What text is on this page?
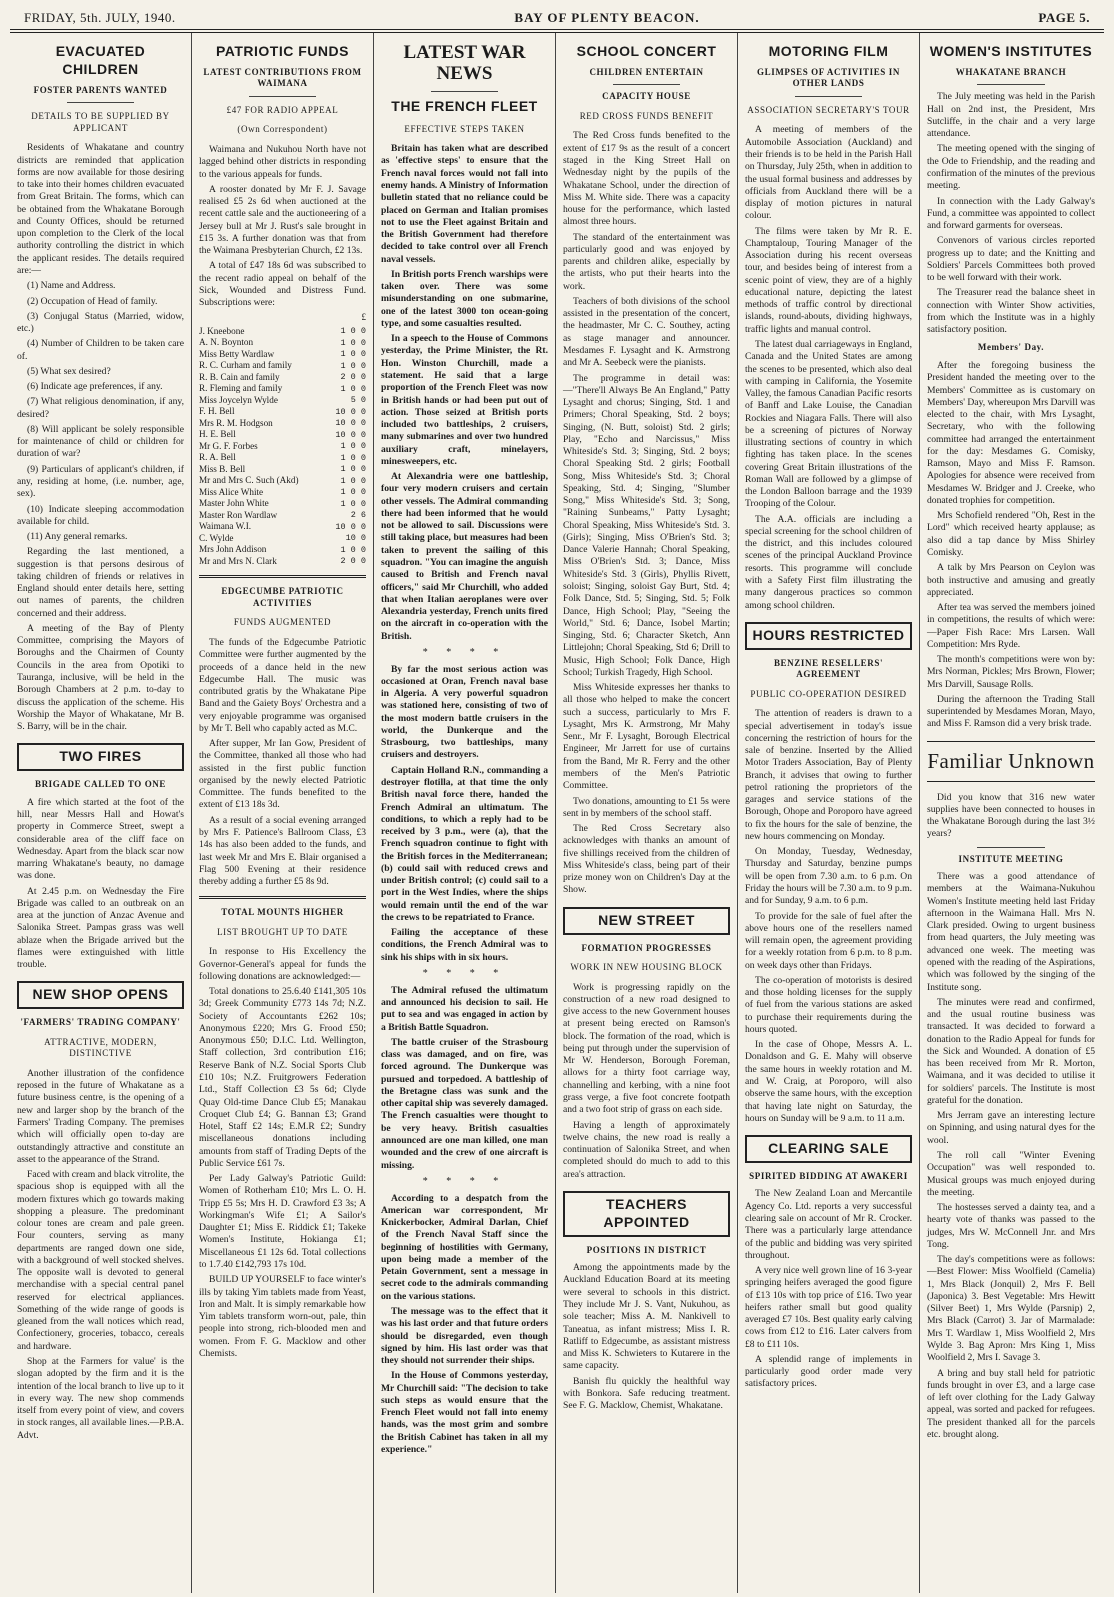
FRIDAY, 5th. JULY, 1940.	BAY OF PLENTY BEACON.	PAGE 5.
EVACUATED CHILDREN
FOSTER PARENTS WANTED
DETAILS TO BE SUPPLIED BY APPLICANT

Residents of Whakatane and country districts are reminded that application forms are now available for those desiring to take into their homes children evacuated from Great Britain. The forms, which can be obtained from the Whakatane Borough and County Offices, should be returned upon completion to the Clerk of the local authority controlling the district in which the applicant resides. The details required are:—

(1) Name and Address.

(2) Occupation of Head of family.

(3) Conjugal Status (Married, widow, etc.)

(4) Number of Children to be taken care of.

(5) What sex desired?

(6) Indicate age preferences, if any.

(7) What religious denomination, if any, desired?

(8) Will applicant be solely responsible for maintenance of child or children for duration of war?

(9) Particulars of applicant's children, if any, residing at home, (i.e. number, age, sex).

(10) Indicate sleeping accommodation available for child.

(11) Any general remarks.

Regarding the last mentioned, a suggestion is that persons desirous of taking children of friends or relatives in England should enter details here, setting out names of parents, the children concerned and their address.

A meeting of the Bay of Plenty Committee, comprising the Mayors of Boroughs and the Chairmen of County Councils in the area from Opotiki to Tauranga, inclusive, will be held in the Borough Chambers at 2 p.m. to-day to discuss the application of the scheme. His Worship the Mayor of Whakatane, Mr B. S. Barry, will be in the chair.

TWO FIRES
BRIGADE CALLED TO ONE

A fire which started at the foot of the hill, near Messrs Hall and Howat's property in Commerce Street, swept a considerable area of the cliff face on Wednesday. Apart from the black scar now marring Whakatane's beauty, no damage was done.

At 2.45 p.m. on Wednesday the Fire Brigade was called to an outbreak on an area at the junction of Anzac Avenue and Salonika Street. Pampas grass was well ablaze when the Brigade arrived but the flames were extinguished with little trouble.

NEW SHOP OPENS
'FARMERS' TRADING COMPANY'
ATTRACTIVE, MODERN, DISTINCTIVE

Another illustration of the confidence reposed in the future of Whakatane as a future business centre, is the opening of a new and larger shop by the branch of the Farmers' Trading Company. The premises which will officially open to-day are outstandingly attractive and constitute an asset to the appearance of the Strand.

Faced with cream and black vitrolite, the spacious shop is equipped with all the modern fixtures which go towards making shopping a pleasure. The predominant colour tones are cream and pale green. Four counters, serving as many departments are ranged down one side, with a background of well stocked shelves. The opposite wall is devoted to general merchandise with a special central panel reserved for electrical appliances. Something of the wide range of goods is gleaned from the wall notices which read, Confectionery, groceries, tobacco, cereals and hardware.

Shop at the Farmers for value' is the slogan adopted by the firm and it is the intention of the local branch to live up to it in every way. The new shop commends itself from every point of view, and covers in stock ranges, all available lines.—P.B.A. Advt.

PATRIOTIC FUNDS
LATEST CONTRIBUTIONS FROM WAIMANA
£47 FOR RADIO APPEAL
(Own Correspondent)

Waimana and Nukuhou North have not lagged behind other districts in responding to the various appeals for funds.

A rooster donated by Mr F. J. Savage realised £5 2s 6d when auctioned at the recent cattle sale and the auctioneering of a Jersey bull at Mr J. Rust's sale brought in £15 3s. A further donation was that from the Waimana Presbyterian Church, £2 13s.

A total of £47 18s 6d was subscribed to the recent radio appeal on behalf of the Sick, Wounded and Distress Fund. Subscriptions were:

£
J. Kneebone	1 0 0
A. N. Boynton	1 0 0
Miss Betty Wardlaw	1 0 0
R. C. Curham and family	1 0 0
R. B. Cain and family	2 0 0
R. Fleming and family	1 0 0
Miss Joycelyn Wylde	5 0
F. H. Bell	10 0 0
Mrs R. M. Hodgson	10 0 0
H. E. Bell	10 0 0
Mr G. F. Forbes	1 0 0
R. A. Bell	1 0 0
Miss B. Bell	1 0 0
Mr and Mrs C. Such (Akd)	1 0 0
Miss Alice White	1 0 0
Master John White	1 0 0
Master Ron Wardlaw	2 6
Waimana W.I.	10 0 0
C. Wylde	10 0
Mrs John Addison	1 0 0
Mr and Mrs N. Clark	2 0 0
EDGECUMBE PATRIOTIC ACTIVITIES
FUNDS AUGMENTED

The funds of the Edgecumbe Patriotic Committee were further augmented by the proceeds of a dance held in the new Edgecumbe Hall. The music was contributed gratis by the Whakatane Pipe Band and the Gaiety Boys' Orchestra and a very enjoyable programme was organised by Mr T. Bell who capably acted as M.C.

After supper, Mr Ian Gow, President of the Committee, thanked all those who had assisted in the first public function organised by the newly elected Patriotic Committee. The funds benefited to the extent of £13 18s 3d.

As a result of a social evening arranged by Mrs F. Patience's Ballroom Class, £3 14s has also been added to the funds, and last week Mr and Mrs E. Blair organised a Flag 500 Evening at their residence thereby adding a further £5 8s 9d.

TOTAL MOUNTS HIGHER
LIST BROUGHT UP TO DATE

In response to His Excellency the Governor-General's appeal for funds the following donations are acknowledged:—

Total donations to 25.6.40 £141,305 10s 3d; Greek Community £773 14s 7d; N.Z. Society of Accountants £262 10s; Anonymous £220; Mrs G. Frood £50; Anonymous £50; D.I.C. Ltd. Wellington, Staff collection, 3rd contribution £16; Reserve Bank of N.Z. Social Sports Club £10 10s; N.Z. Fruitgrowers Federation Ltd., Staff Collection £3 5s 6d; Clyde Quay Old-time Dance Club £5; Manakau Croquet Club £4; G. Bannan £3; Grand Hotel, Staff £2 14s; E.M.R £2; Sundry miscellaneous donations including amounts from staff of Trading Depts of the Public Service £61 7s.

Per Lady Galway's Patriotic Guild: Women of Rotherham £10; Mrs L. O. H. Tripp £5 5s; Mrs H. D. Crawford £3 3s; A Workingman's Wife £1; A Sailor's Daughter £1; Miss E. Riddick £1; Takeke Women's Institute, Hokianga £1; Miscellaneous £1 12s 6d. Total collections to 1.7.40 £142,793 17s 10d.

BUILD UP YOURSELF to face winter's ills by taking Yim tablets made from Yeast, Iron and Malt. It is simply remarkable how Yim tablets transform worn-out, pale, thin people into strong, rich-blooded men and women. From F. G. Macklow and other Chemists.

LATEST WAR NEWS
THE FRENCH FLEET
EFFECTIVE STEPS TAKEN

Britain has taken what are described as 'effective steps' to ensure that the French naval forces would not fall into enemy hands. A Ministry of Information bulletin stated that no reliance could be placed on German and Italian promises not to use the Fleet against Britain and the British Government had therefore decided to take control over all French naval vessels.

In British ports French warships were taken over. There was some misunderstanding on one submarine, one of the latest 3000 ton ocean-going type, and some casualties resulted.

In a speech to the House of Commons yesterday, the Prime Minister, the Rt. Hon. Winston Churchill, made a statement. He said that a large proportion of the French Fleet was now in British hands or had been put out of action. Those seized at British ports included two battleships, 2 cruisers, many submarines and over two hundred auxiliary craft, minelayers, minesweepers, etc.

At Alexandria were one battleship, four very modern cruisers and certain other vessels. The Admiral commanding there had been informed that he would not be allowed to sail. Discussions were still taking place, but measures had been taken to prevent the sailing of this squadron. "You can imagine the anguish caused to British and French naval officers," said Mr Churchill, who added that when Italian aeroplanes were over Alexandria yesterday, French units fired on the aircraft in co-operation with the British.

* * * *

By far the most serious action was occasioned at Oran, French naval base in Algeria. A very powerful squadron was stationed here, consisting of two of the most modern battle cruisers in the world, the Dunkerque and the Strasbourg, two battleships, many cruisers and destroyers.

Captain Holland R.N., commanding a destroyer flotilla, at that time the only British naval force there, handed the French Admiral an ultimatum. The conditions, to which a reply had to be received by 3 p.m., were (a), that the French squadron continue to fight with the British forces in the Mediterranean; (b) could sail with reduced crews and under British control; (c) could sail to a port in the West Indies, where the ships would remain until the end of the war the crews to be repatriated to France.

Failing the acceptance of these conditions, the French Admiral was to sink his ships with in six hours.

* * * *

The Admiral refused the ultimatum and announced his decision to sail. He put to sea and was engaged in action by a British Battle Squadron.

The battle cruiser of the Strasbourg class was damaged, and on fire, was forced aground. The Dunkerque was pursued and torpedoed. A battleship of the Bretagne class was sunk and the other capital ship was severely damaged. The French casualties were thought to be very heavy. British casualties announced are one man killed, one man wounded and the crew of one aircraft is missing.

* * * *

According to a despatch from the American war correspondent, Mr Knickerbocker, Admiral Darlan, Chief of the French Naval Staff since the beginning of hostilities with Germany, upon being made a member of the Petain Government, sent a message in secret code to the admirals commanding on the various stations.

The message was to the effect that it was his last order and that future orders should be disregarded, even though signed by him. His last order was that they should not surrender their ships.

In the House of Commons yesterday, Mr Churchill said: "The decision to take such steps as would ensure that the French Fleet would not fall into enemy hands, was the most grim and sombre the British Cabinet has taken in all my experience."

SCHOOL CONCERT
CHILDREN ENTERTAIN
CAPACITY HOUSE
RED CROSS FUNDS BENEFIT

The Red Cross funds benefited to the extent of £17 9s as the result of a concert staged in the King Street Hall on Wednesday night by the pupils of the Whakatane School, under the direction of Miss M. White side. There was a capacity house for the performance, which lasted almost three hours.

The standard of the entertainment was particularly good and was enjoyed by parents and children alike, especially by the artists, who put their hearts into the work.

Teachers of both divisions of the school assisted in the presentation of the concert, the headmaster, Mr C. C. Southey, acting as stage manager and announcer. Mesdames F. Lysaght and K. Armstrong and Mr A. Seebeck were the pianists.

The programme in detail was:—"There'll Always Be An England," Patty Lysaght and chorus; Singing, Std. 1 and Primers; Choral Speaking, Std. 2 boys; Singing, (N. Butt, soloist) Std. 2 girls; Play, "Echo and Narcissus," Miss Whiteside's Std. 3; Singing, Std. 2 boys; Choral Speaking Std. 2 girls; Football Song, Miss Whiteside's Std. 3; Choral Speaking, Std. 4; Singing, "Slumber Song," Miss Whiteside's Std. 3; Song, "Raining Sunbeams," Patty Lysaght; Choral Speaking, Miss Whiteside's Std. 3. (Girls); Singing, Miss O'Brien's Std. 3; Dance Valerie Hannah; Choral Speaking, Miss O'Brien's Std. 3; Dance, Miss Whiteside's Std. 3 (Girls), Phyllis Rivett, soloist; Singing, soloist Gay Burt, Std. 4; Folk Dance, Std. 5; Singing, Std. 5; Folk Dance, High School; Play, "Seeing the World," Std. 6; Dance, Isobel Martin; Singing, Std. 6; Character Sketch, Ann Littlejohn; Choral Speaking, Std 6; Drill to Music, High School; Folk Dance, High School; Turkish Tragedy, High School.

Miss Whiteside expresses her thanks to all those who helped to make the concert such a success, particularly to Mrs F. Lysaght, Mrs K. Armstrong, Mr Mahy Senr., Mr F. Lysaght, Borough Electrical Engineer, Mr Jarrett for use of curtains from the Band, Mr R. Ferry and the other members of the Men's Patriotic Committee.

Two donations, amounting to £1 5s were sent in by members of the school staff.

The Red Cross Secretary also acknowledges with thanks an amount of five shillings received from the children of Miss Whiteside's class, being part of their prize money won on Children's Day at the Show.

NEW STREET
FORMATION PROGRESSES
WORK IN NEW HOUSING BLOCK

Work is progressing rapidly on the construction of a new road designed to give access to the new Government houses at present being erected on Ramson's block. The formation of the road, which is being put through under the supervision of Mr W. Henderson, Borough Foreman, allows for a thirty foot carriage way, channelling and kerbing, with a nine foot grass verge, a five foot concrete footpath and a two foot strip of grass on each side.

Having a length of approximately twelve chains, the new road is really a continuation of Salonika Street, and when completed should do much to add to this area's attraction.

TEACHERS APPOINTED
POSITIONS IN DISTRICT

Among the appointments made by the Auckland Education Board at its meeting were several to schools in this district. They include Mr J. S. Vant, Nukuhou, as sole teacher; Miss A. M. Nankivell to Taneatua, as infant mistress; Miss I. R. Ratliff to Edgecumbe, as assistant mistress and Miss K. Schwieters to Kutarere in the same capacity.

Banish flu quickly the healthful way with Bonkora. Safe reducing treatment. See F. G. Macklow, Chemist, Whakatane.

MOTORING FILM
GLIMPSES OF ACTIVITIES IN OTHER LANDS
ASSOCIATION SECRETARY'S TOUR

A meeting of members of the Automobile Association (Auckland) and their friends is to be held in the Parish Hall on Thursday, July 25th, when in addition to the usual formal business and addresses by officials from Auckland there will be a display of motion pictures in natural colour.

The films were taken by Mr R. E. Champtaloup, Touring Manager of the Association during his recent overseas tour, and besides being of interest from a scenic point of view, they are of a highly educational nature, depicting the latest methods of traffic control by directional islands, round-abouts, dividing highways, traffic lights and manual control.

The latest dual carriageways in England, Canada and the United States are among the scenes to be presented, which also deal with camping in California, the Yosemite Valley, the famous Canadian Pacific resorts of Banff and Lake Louise, the Canadian Rockies and Niagara Falls. There will also be a screening of pictures of Norway illustrating sections of country in which fighting has taken place. In the scenes covering Great Britain illustrations of the Roman Wall are followed by a glimpse of the London Balloon barrage and the 1939 Trooping of the Colour.

The A.A. officials are including a special screening for the school children of the district, and this includes coloured scenes of the principal Auckland Province resorts. This programme will conclude with a Safety First film illustrating the many dangerous practices so common among school children.

HOURS RESTRICTED
BENZINE RESELLERS' AGREEMENT
PUBLIC CO-OPERATION DESIRED

The attention of readers is drawn to a special advertisement in today's issue concerning the restriction of hours for the sale of benzine. Inserted by the Allied Motor Traders Association, Bay of Plenty Branch, it advises that owing to further petrol rationing the proprietors of the garages and service stations of the Borough, Ohope and Poroporo have agreed to fix the hours for the sale of benzine, the new hours commencing on Monday.

On Monday, Tuesday, Wednesday, Thursday and Saturday, benzine pumps will be open from 7.30 a.m. to 6 p.m. On Friday the hours will be 7.30 a.m. to 9 p.m. and for Sunday, 9 a.m. to 6 p.m.

To provide for the sale of fuel after the above hours one of the resellers named will remain open, the agreement providing for a weekly rotation from 6 p.m. to 8 p.m. on week days other than Fridays.

The co-operation of motorists is desired and those holding licenses for the supply of fuel from the various stations are asked to purchase their requirements during the hours quoted.

In the case of Ohope, Messrs A. L. Donaldson and G. E. Mahy will observe the same hours in weekly rotation and M. and W. Craig, at Poroporo, will also observe the same hours, with the exception that having late night on Saturday, the hours on Sunday will be 9 a.m. to 11 a.m.

CLEARING SALE
SPIRITED BIDDING AT AWAKERI

The New Zealand Loan and Mercantile Agency Co. Ltd. reports a very successful clearing sale on account of Mr R. Crocker. There was a particularly large attendance of the public and bidding was very spirited throughout.

A very nice well grown line of 16 3-year springing heifers averaged the good figure of £13 10s with top price of £16. Two year heifers rather small but good quality averaged £7 10s. Best quality early calving cows from £12 to £16. Later calvers from £8 to £11 10s.

A splendid range of implements in particularly good order made very satisfactory prices.

WOMEN'S INSTITUTES
WHAKATANE BRANCH

The July meeting was held in the Parish Hall on 2nd inst, the President, Mrs Sutcliffe, in the chair and a very large attendance.

The meeting opened with the singing of the Ode to Friendship, and the reading and confirmation of the minutes of the previous meeting.

In connection with the Lady Galway's Fund, a committee was appointed to collect and forward garments for overseas.

Convenors of various circles reported progress up to date; and the Knitting and Soldiers' Parcels Committees both proved to be well forward with their work.

The Treasurer read the balance sheet in connection with Winter Show activities, from which the Institute was in a highly satisfactory position.

Members' Day.

After the foregoing business the President handed the meeting over to the Members' Committee as is customary on Members' Day, whereupon Mrs Darvill was elected to the chair, with Mrs Lysaght, Secretary, who with the following committee had arranged the entertainment for the day: Mesdames G. Comisky, Ramson, Mayo and Miss F. Ramson. Apologies for absence were received from Mesdames W. Bridger and J. Creeke, who donated trophies for competition.

Mrs Schofield rendered "Oh, Rest in the Lord" which received hearty applause; as also did a tap dance by Miss Shirley Comisky.

A talk by Mrs Pearson on Ceylon was both instructive and amusing and greatly appreciated.

After tea was served the members joined in competitions, the results of which were:—Paper Fish Race: Mrs Larsen. Wall Competition: Mrs Ryde.

The month's competitions were won by: Mrs Norman, Pickles; Mrs Brown, Flower; Mrs Darvill, Sausage Rolls.

During the afternoon the Trading Stall superintended by Mesdames Moran, Mayo, and Miss F. Ramson did a very brisk trade.

Familiar Unknown

Did you know that 316 new water supplies have been connected to houses in the Whakatane Borough during the last 3½ years?

INSTITUTE MEETING

There was a good attendance of members at the Waimana-Nukuhou Women's Institute meeting held last Friday afternoon in the Waimana Hall. Mrs N. Clark presided. Owing to urgent business from head quarters, the July meeting was advanced one week. The meeting was opened with the reading of the Aspirations, which was followed by the singing of the Institute song.

The minutes were read and confirmed, and the usual routine business was transacted. It was decided to forward a donation to the Radio Appeal for funds for the Sick and Wounded. A donation of £5 has been received from Mr R. Morton, Waimana, and it was decided to utilise it for soldiers' parcels. The Institute is most grateful for the donation.

Mrs Jerram gave an interesting lecture on Spinning, and using natural dyes for the wool.

The roll call "Winter Evening Occupation" was well responded to. Musical groups was much enjoyed during the meeting.

The hostesses served a dainty tea, and a hearty vote of thanks was passed to the judges, Mrs W. McConnell Jnr. and Mrs Tong.

The day's competitions were as follows:—Best Flower: Miss Woolfield (Camelia) 1, Mrs Black (Jonquil) 2, Mrs F. Bell (Japonica) 3. Best Vegetable: Mrs Hewitt (Silver Beet) 1, Mrs Wylde (Parsnip) 2, Mrs Black (Carrot) 3. Jar of Marmalade: Mrs T. Wardlaw 1, Miss Woolfield 2, Mrs Wylde 3. Bag Apron: Mrs King 1, Miss Woolfield 2, Mrs I. Savage 3.

A bring and buy stall held for patriotic funds brought in over £3, and a large case of left over clothing for the Lady Galway appeal, was sorted and packed for refugees. The president thanked all for the parcels etc. brought along.
